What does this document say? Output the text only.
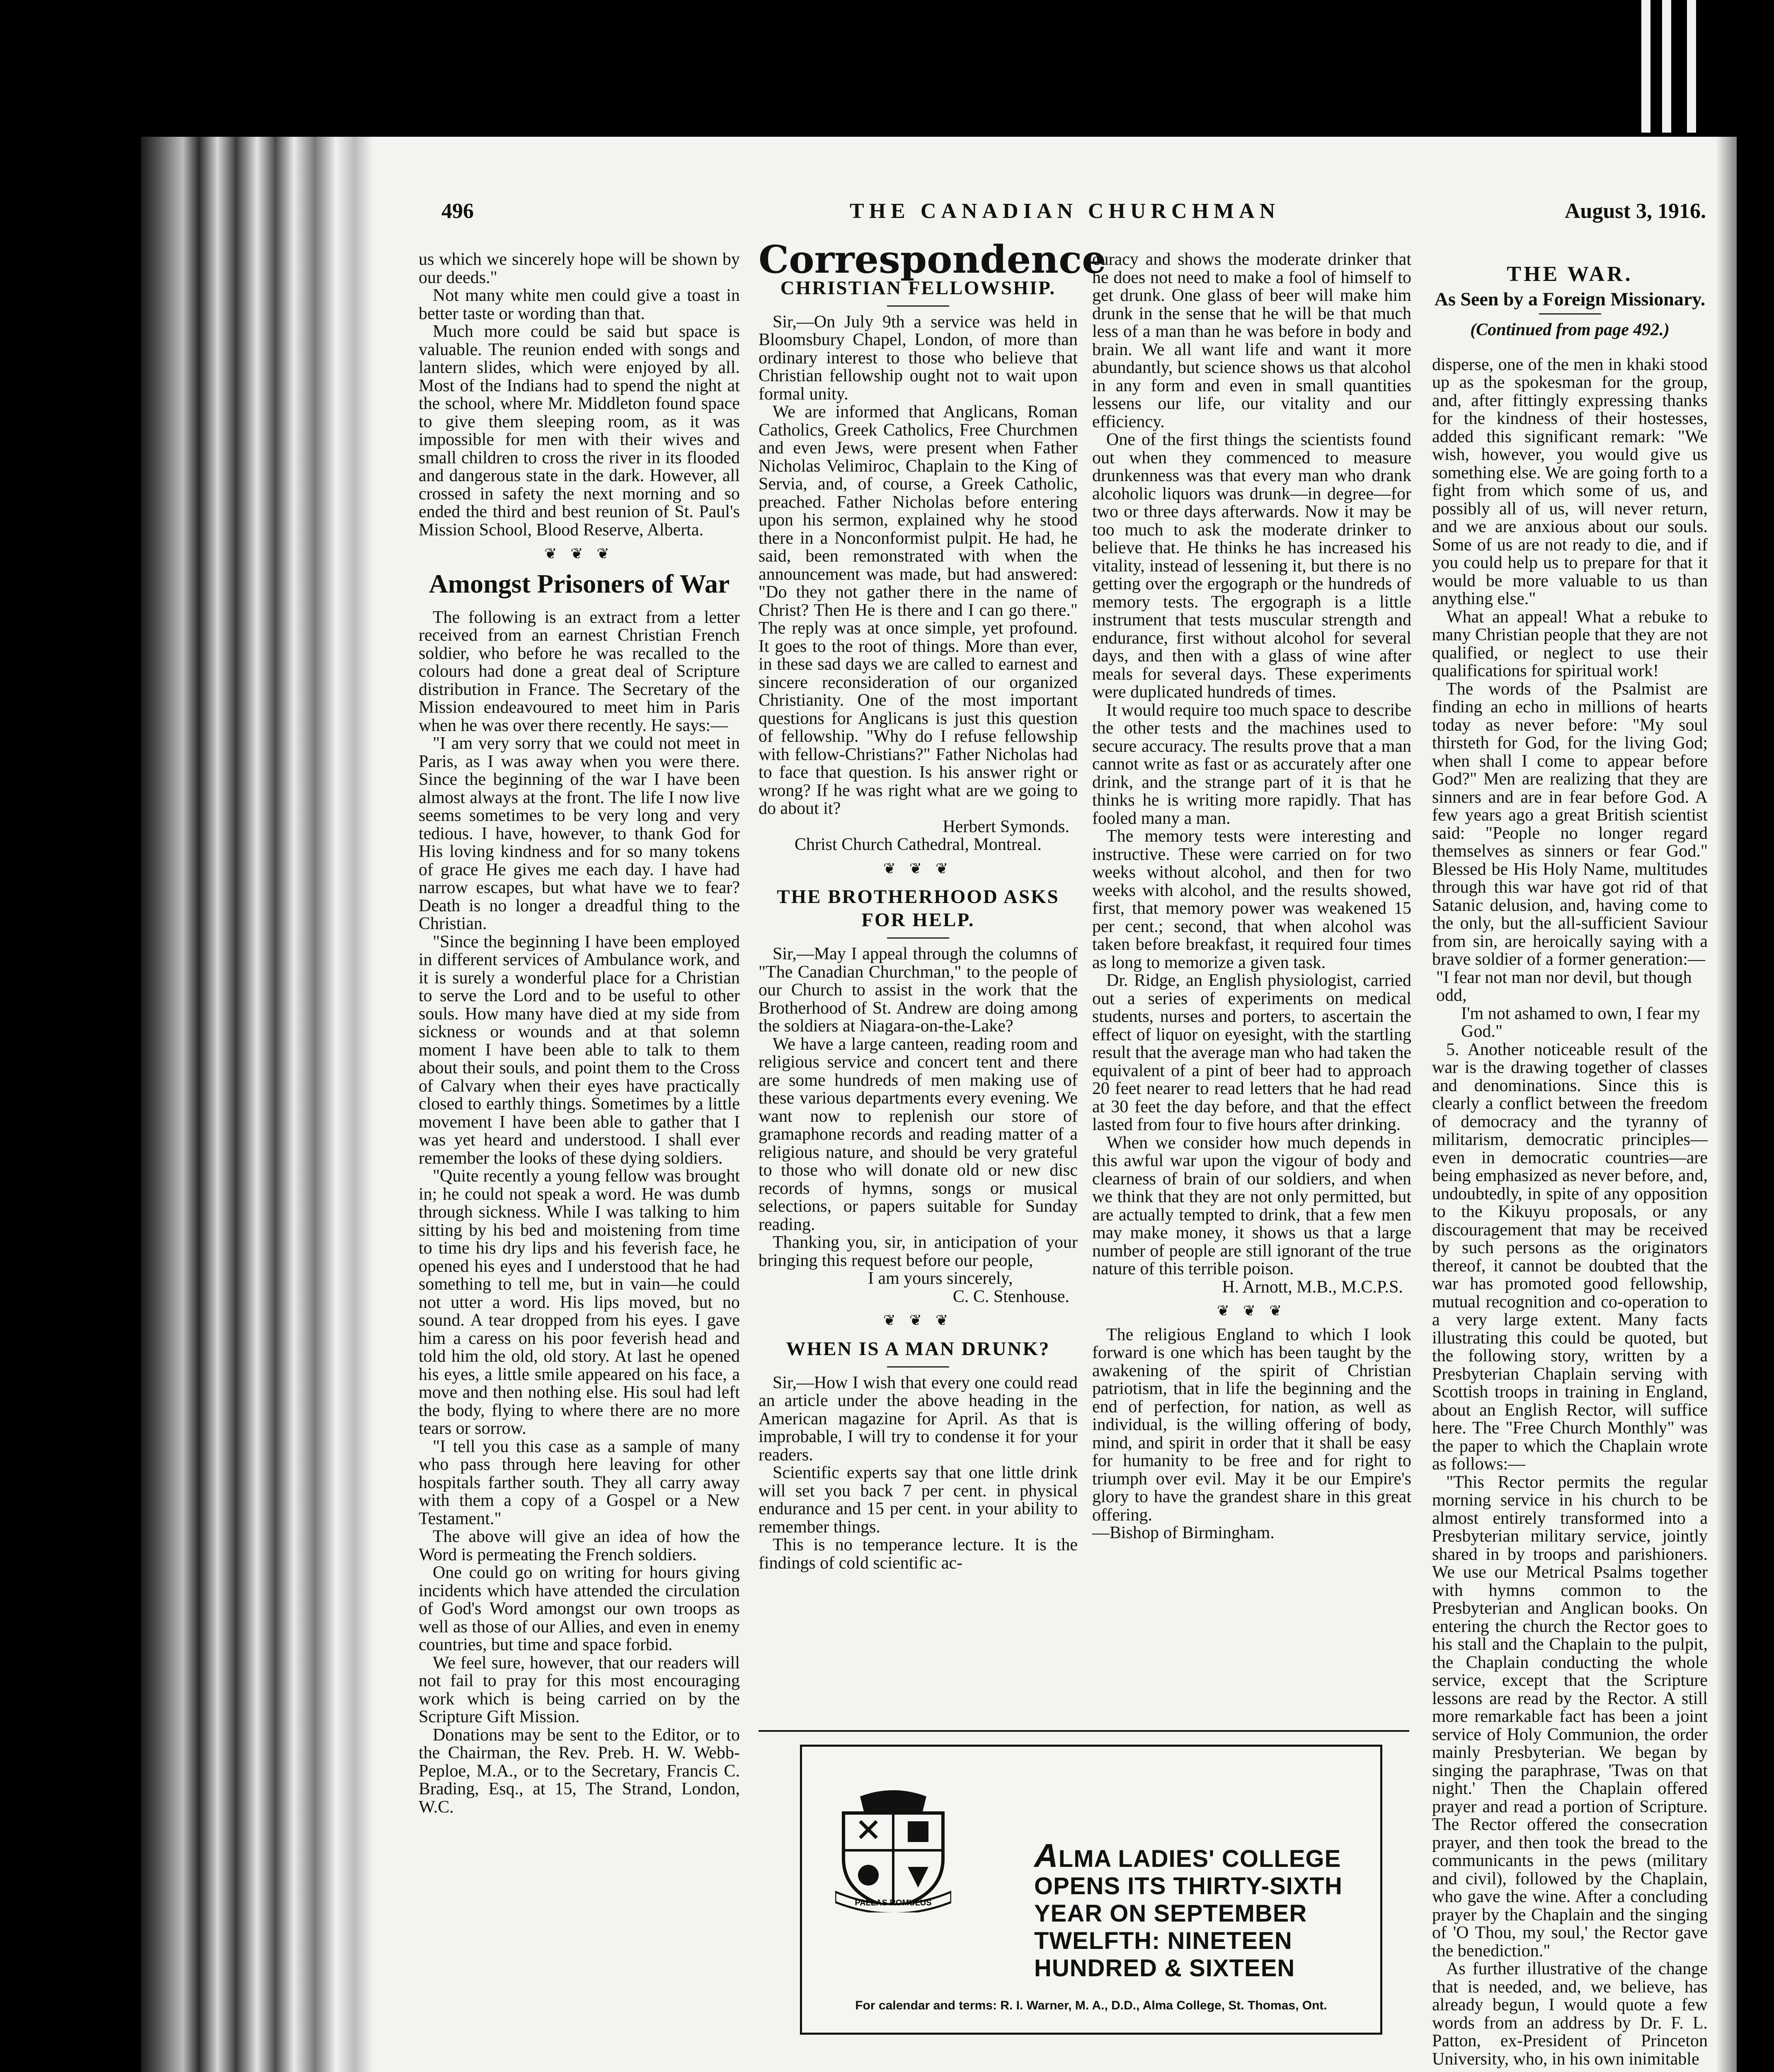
496	THE CANADIAN CHURCHMAN	August 3, 1916.

us which we sincerely hope will be shown by our deeds."

Not many white men could give a toast in better taste or wording than that.

Much more could be said but space is valuable. The reunion ended with songs and lantern slides, which were enjoyed by all. Most of the Indians had to spend the night at the school, where Mr. Middleton found space to give them sleeping room, as it was impossible for men with their wives and small children to cross the river in its flooded and dangerous state in the dark. However, all crossed in safety the next morning and so ended the third and best reunion of St. Paul's Mission School, Blood Reserve, Alberta.

❦ ❦ ❦
Amongst Prisoners of War

The following is an extract from a letter received from an earnest Christian French soldier, who before he was recalled to the colours had done a great deal of Scripture distribution in France. The Secretary of the Mission endeavoured to meet him in Paris when he was over there recently. He says:—

"I am very sorry that we could not meet in Paris, as I was away when you were there. Since the beginning of the war I have been almost always at the front. The life I now live seems sometimes to be very long and very tedious. I have, however, to thank God for His loving kindness and for so many tokens of grace He gives me each day. I have had narrow escapes, but what have we to fear? Death is no longer a dreadful thing to the Christian.

"Since the beginning I have been employed in different services of Ambulance work, and it is surely a wonderful place for a Christian to serve the Lord and to be useful to other souls. How many have died at my side from sickness or wounds and at that solemn moment I have been able to talk to them about their souls, and point them to the Cross of Calvary when their eyes have practically closed to earthly things. Sometimes by a little movement I have been able to gather that I was yet heard and understood. I shall ever remember the looks of these dying soldiers.

"Quite recently a young fellow was brought in; he could not speak a word. He was dumb through sickness. While I was talking to him sitting by his bed and moistening from time to time his dry lips and his feverish face, he opened his eyes and I understood that he had something to tell me, but in vain—he could not utter a word. His lips moved, but no sound. A tear dropped from his eyes. I gave him a caress on his poor feverish head and told him the old, old story. At last he opened his eyes, a little smile appeared on his face, a move and then nothing else. His soul had left the body, flying to where there are no more tears or sorrow.

"I tell you this case as a sample of many who pass through here leaving for other hospitals farther south. They all carry away with them a copy of a Gospel or a New Testament."

The above will give an idea of how the Word is permeating the French soldiers.

One could go on writing for hours giving incidents which have attended the circulation of God's Word amongst our own troops as well as those of our Allies, and even in enemy countries, but time and space forbid.

We feel sure, however, that our readers will not fail to pray for this most encouraging work which is being carried on by the Scripture Gift Mission.

Donations may be sent to the Editor, or to the Chairman, the Rev. Preb. H. W. Webb-Peploe, M.A., or to the Secretary, Francis C. Brading, Esq., at 15, The Strand, London, W.C.

Correspondence
CHRISTIAN FELLOWSHIP.

Sir,—On July 9th a service was held in Bloomsbury Chapel, London, of more than ordinary interest to those who believe that Christian fellowship ought not to wait upon formal unity.

We are informed that Anglicans, Roman Catholics, Greek Catholics, Free Churchmen and even Jews, were present when Father Nicholas Velimiroc, Chaplain to the King of Servia, and, of course, a Greek Catholic, preached. Father Nicholas before entering upon his sermon, explained why he stood there in a Nonconformist pulpit. He had, he said, been remonstrated with when the announcement was made, but had answered: "Do they not gather there in the name of Christ? Then He is there and I can go there." The reply was at once simple, yet profound. It goes to the root of things. More than ever, in these sad days we are called to earnest and sincere reconsideration of our organized Christianity. One of the most important questions for Anglicans is just this question of fellowship. "Why do I refuse fellowship with fellow-Christians?" Father Nicholas had to face that question. Is his answer right or wrong? If he was right what are we going to do about it?

Herbert Symonds.

Christ Church Cathedral, Montreal.

❦ ❦ ❦
THE BROTHERHOOD ASKS FOR HELP.

Sir,—May I appeal through the columns of "The Canadian Churchman," to the people of our Church to assist in the work that the Brotherhood of St. Andrew are doing among the soldiers at Niagara-on-the-Lake?

We have a large canteen, reading room and religious service and concert tent and there are some hundreds of men making use of these various departments every evening. We want now to replenish our store of gramaphone records and reading matter of a religious nature, and should be very grateful to those who will donate old or new disc records of hymns, songs or musical selections, or papers suitable for Sunday reading.

Thanking you, sir, in anticipation of your bringing this request before our people,

I am yours sincerely,

C. C. Stenhouse.

❦ ❦ ❦
WHEN IS A MAN DRUNK?

Sir,—How I wish that every one could read an article under the above heading in the American magazine for April. As that is improbable, I will try to condense it for your readers.

Scientific experts say that one little drink will set you back 7 per cent. in physical endurance and 15 per cent. in your ability to remember things.

This is no temperance lecture. It is the findings of cold scientific ac-

curacy and shows the moderate drinker that he does not need to make a fool of himself to get drunk. One glass of beer will make him drunk in the sense that he will be that much less of a man than he was before in body and brain. We all want life and want it more abundantly, but science shows us that alcohol in any form and even in small quantities lessens our life, our vitality and our efficiency.

One of the first things the scientists found out when they commenced to measure drunkenness was that every man who drank alcoholic liquors was drunk—in degree—for two or three days afterwards. Now it may be too much to ask the moderate drinker to believe that. He thinks he has increased his vitality, instead of lessening it, but there is no getting over the ergograph or the hundreds of memory tests. The ergograph is a little instrument that tests muscular strength and endurance, first without alcohol for several days, and then with a glass of wine after meals for several days. These experiments were duplicated hundreds of times.

It would require too much space to describe the other tests and the machines used to secure accuracy. The results prove that a man cannot write as fast or as accurately after one drink, and the strange part of it is that he thinks he is writing more rapidly. That has fooled many a man.

The memory tests were interesting and instructive. These were carried on for two weeks without alcohol, and then for two weeks with alcohol, and the results showed, first, that memory power was weakened 15 per cent.; second, that when alcohol was taken before breakfast, it required four times as long to memorize a given task.

Dr. Ridge, an English physiologist, carried out a series of experiments on medical students, nurses and porters, to ascertain the effect of liquor on eyesight, with the startling result that the average man who had taken the equivalent of a pint of beer had to approach 20 feet nearer to read letters that he had read at 30 feet the day before, and that the effect lasted from four to five hours after drinking.

When we consider how much depends in this awful war upon the vigour of body and clearness of brain of our soldiers, and when we think that they are not only permitted, but are actually tempted to drink, that a few men may make money, it shows us that a large number of people are still ignorant of the true nature of this terrible poison.

H. Arnott, M.B., M.C.P.S.

❦ ❦ ❦

The religious England to which I look forward is one which has been taught by the awakening of the spirit of Christian patriotism, that in life the beginning and the end of perfection, for nation, as well as individual, is the willing offering of body, mind, and spirit in order that it shall be easy for humanity to be free and for right to triumph over evil. May it be our Empire's glory to have the grandest share in this great offering.

—Bishop of Birmingham.

THE WAR.
As Seen by a Foreign Missionary.
(Continued from page 492.)

disperse, one of the men in khaki stood up as the spokesman for the group, and, after fittingly expressing thanks for the kindness of their hostesses, added this significant remark: "We wish, however, you would give us something else. We are going forth to a fight from which some of us, and possibly all of us, will never return, and we are anxious about our souls. Some of us are not ready to die, and if you could help us to prepare for that it would be more valuable to us than anything else."

What an appeal! What a rebuke to many Christian people that they are not qualified, or neglect to use their qualifications for spiritual work!

The words of the Psalmist are finding an echo in millions of hearts today as never before: "My soul thirsteth for God, for the living God; when shall I come to appear before God?" Men are realizing that they are sinners and are in fear before God. A few years ago a great British scientist said: "People no longer regard themselves as sinners or fear God." Blessed be His Holy Name, multitudes through this war have got rid of that Satanic delusion, and, having come to the only, but the all-sufficient Saviour from sin, are heroically saying with a brave soldier of a former generation:—

"I fear not man nor devil, but though odd,

I'm not ashamed to own, I fear my God."

5. Another noticeable result of the war is the drawing together of classes and denominations. Since this is clearly a conflict between the freedom of democracy and the tyranny of militarism, democratic principles—even in democratic countries—are being emphasized as never before, and, undoubtedly, in spite of any opposition to the Kikuyu proposals, or any discouragement that may be received by such persons as the originators thereof, it cannot be doubted that the war has promoted good fellowship, mutual recognition and co-operation to a very large extent. Many facts illustrating this could be quoted, but the following story, written by a Presbyterian Chaplain serving with Scottish troops in training in England, about an English Rector, will suffice here. The "Free Church Monthly" was the paper to which the Chaplain wrote as follows:—

"This Rector permits the regular morning service in his church to be almost entirely transformed into a Presbyterian military service, jointly shared in by troops and parishioners. We use our Metrical Psalms together with hymns common to the Presbyterian and Anglican books. On entering the church the Rector goes to his stall and the Chaplain to the pulpit, the Chaplain conducting the whole service, except that the Scripture lessons are read by the Rector. A still more remarkable fact has been a joint service of Holy Communion, the order mainly Presbyterian. We began by singing the paraphrase, 'Twas on that night.' Then the Chaplain offered prayer and read a portion of Scripture. The Rector offered the consecration prayer, and then took the bread to the communicants in the pews (military and civil), followed by the Chaplain, who gave the wine. After a concluding prayer by the Chaplain and the singing of 'O Thou, my soul,' the Rector gave the benediction."

As further illustrative of the change that is needed, and, we believe, has already begun, I would quote a few words from an address by Dr. F. L. Patton, ex-President of Princeton University, who, in his own inimitable

PALLAS ROMULUS
ALMA LADIES' COLLEGE
OPENS ITS THIRTY-SIXTH
YEAR ON SEPTEMBER
TWELFTH: NINETEEN
HUNDRED & SIXTEEN
For calendar and terms: R. I. Warner, M. A., D.D., Alma College, St. Thomas, Ont.
